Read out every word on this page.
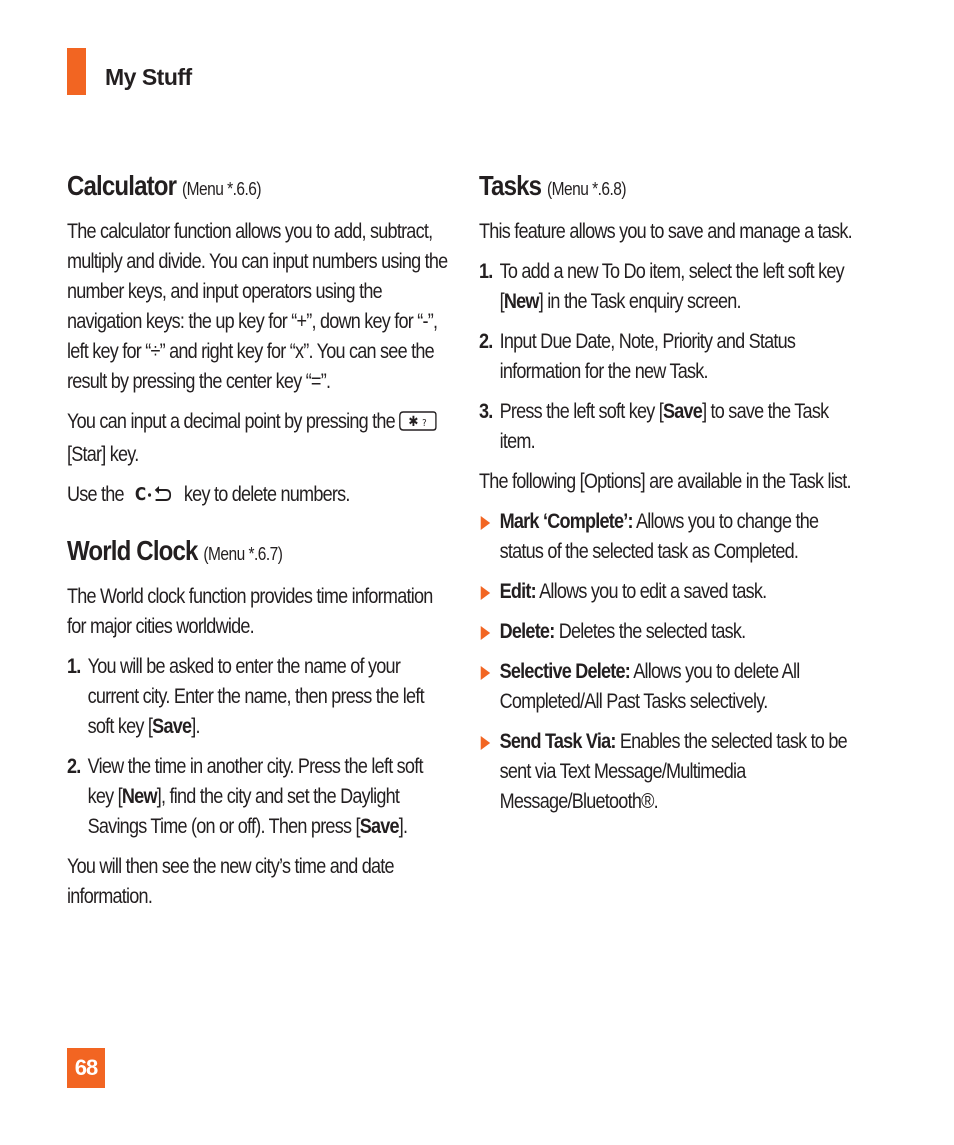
My Stuff
Calculator (Menu *.6.6)

The calculator function allows you to add, subtract, multiply and divide. You can input numbers using the number keys, and input operators using the navigation keys: the up key for “+”, down key for “-”, left key for “÷” and right key for “x”. You can see the result by pressing the center key “=”.

You can input a decimal point by pressing the ✱ ?
[Star] key.

Use the C key to delete numbers.

World Clock (Menu *.6.7)

The World clock function provides time information for major cities worldwide.

1. You will be asked to enter the name of your current city. Enter the name, then press the left soft key [Save].
2. View the time in another city. Press the left soft key [New], find the city and set the Daylight Savings Time (on or off). Then press [Save].

You will then see the new city’s time and date information.

Tasks (Menu *.6.8)

This feature allows you to save and manage a task.

1. To add a new To Do item, select the left soft key [New] in the Task enquiry screen.
2. Input Due Date, Note, Priority and Status information for the new Task.
3. Press the left soft key [Save] to save the Task item.

The following [Options] are available in the Task list.

Mark ‘Complete’: Allows you to change the status of the selected task as Completed.
Edit: Allows you to edit a saved task.
Delete: Deletes the selected task.
Selective Delete: Allows you to delete All Completed/All Past Tasks selectively.
Send Task Via: Enables the selected task to be sent via Text Message/Multimedia Message/Bluetooth®.
68
